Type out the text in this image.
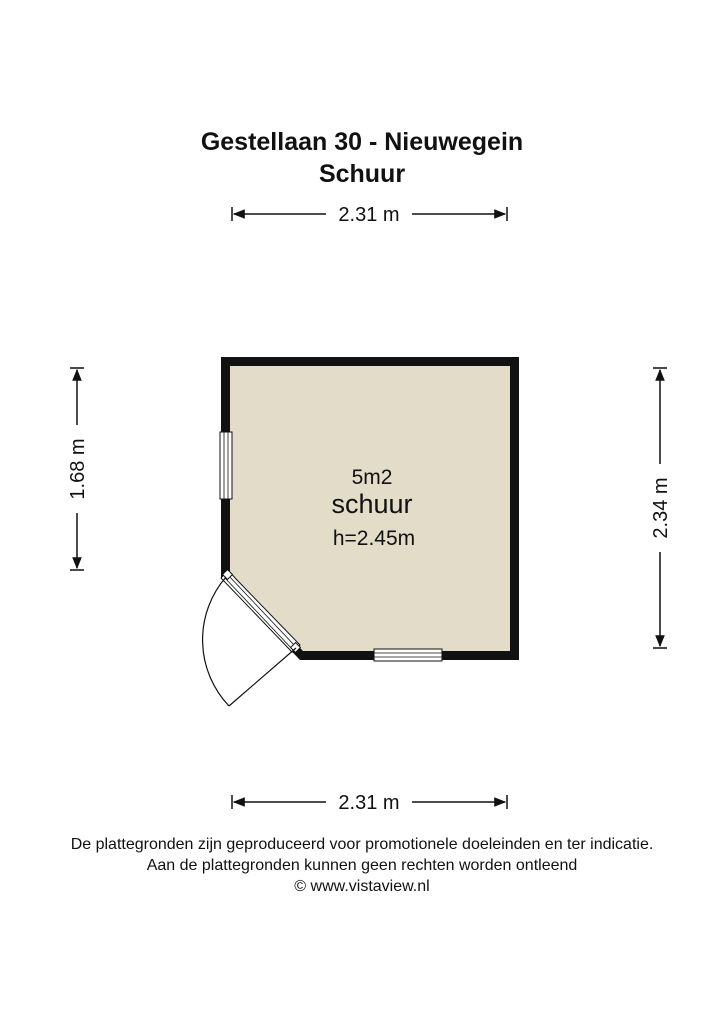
Gestellaan 30 - Nieuwegein
Schuur
2.31 m
2.31 m
1.68 m
2.34 m
5m2
schuur
h=2.45m
De plattegronden zijn geproduceerd voor promotionele doeleinden en ter indicatie.
Aan de plattegronden kunnen geen rechten worden ontleend
© www.vistaview.nl
